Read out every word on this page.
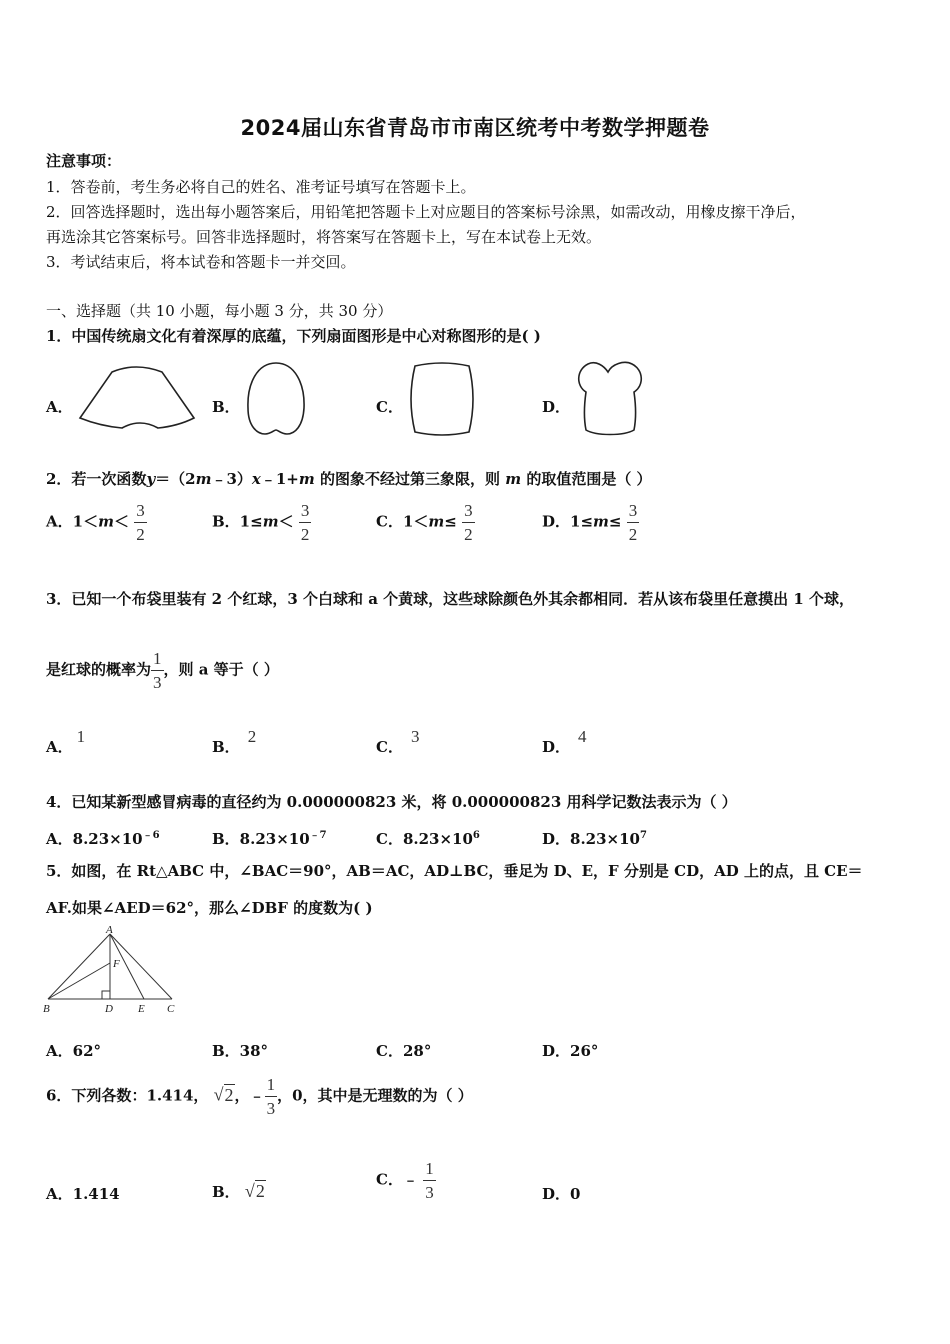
2024届山东省青岛市市南区统考中考数学押题卷
注意事项：
1．答卷前，考生务必将自己的姓名、准考证号填写在答题卡上。
2．回答选择题时，选出每小题答案后，用铅笔把答题卡上对应题目的答案标号涂黑，如需改动，用橡皮擦干净后，
再选涂其它答案标号。回答非选择题时，将答案写在答题卡上，写在本试卷上无效。
3．考试结束后，将本试卷和答题卡一并交回。
一、选择题（共 10 小题，每小题 3 分，共 30 分）
1．中国传统扇文化有着深厚的底蕴，下列扇面图形是中心对称图形的是( )
A．	B．	C．	D．
2．若一次函数y＝（2m﹣3）x﹣1+m 的图象不经过第三象限，则 m 的取值范围是（ ）
A．$1<m< \frac{3}{2}$	B．$1\le m< \frac{3}{2}$	C．$1<m\le \frac{3}{2}$	D．$1\le m\le \frac{3}{2}$
3．已知一个布袋里装有 2 个红球，3 个白球和 a 个黄球，这些球除颜色外其余都相同．若从该布袋里任意摸出 1 个球，
是红球的概率为 $\frac{1}{3}$ ，则 a 等于（ ）
A．1
B．2
C．3
D．4
4．已知某新型感冒病毒的直径约为 0.000000823 米，将 0.000000823 用科学记数法表示为（ ）
A．$8.23\times 10^{﹣6}$	B．$8.23\times 10^{﹣7}$	C．$8.23\times 10^6$	D．$8.23\times 10^7$
5．如图，在 Rt△ABC 中，∠BAC＝90°，AB＝AC，AD⊥BC，垂足为 D、E，F 分别是 CD，AD 上的点，且 CE＝
AF.如果∠AED＝62°，那么∠DBF 的度数为( )
A
F
B	D E C
A．62°	B．38°	C．28°	D．26°
6．下列各数：1.414， √2，﹣ $\frac{1}{3}$ ，0，其中是无理数的为（ ）
A．1.414	B． √2
C．﹣ $\frac{1}{3}$	D．0
